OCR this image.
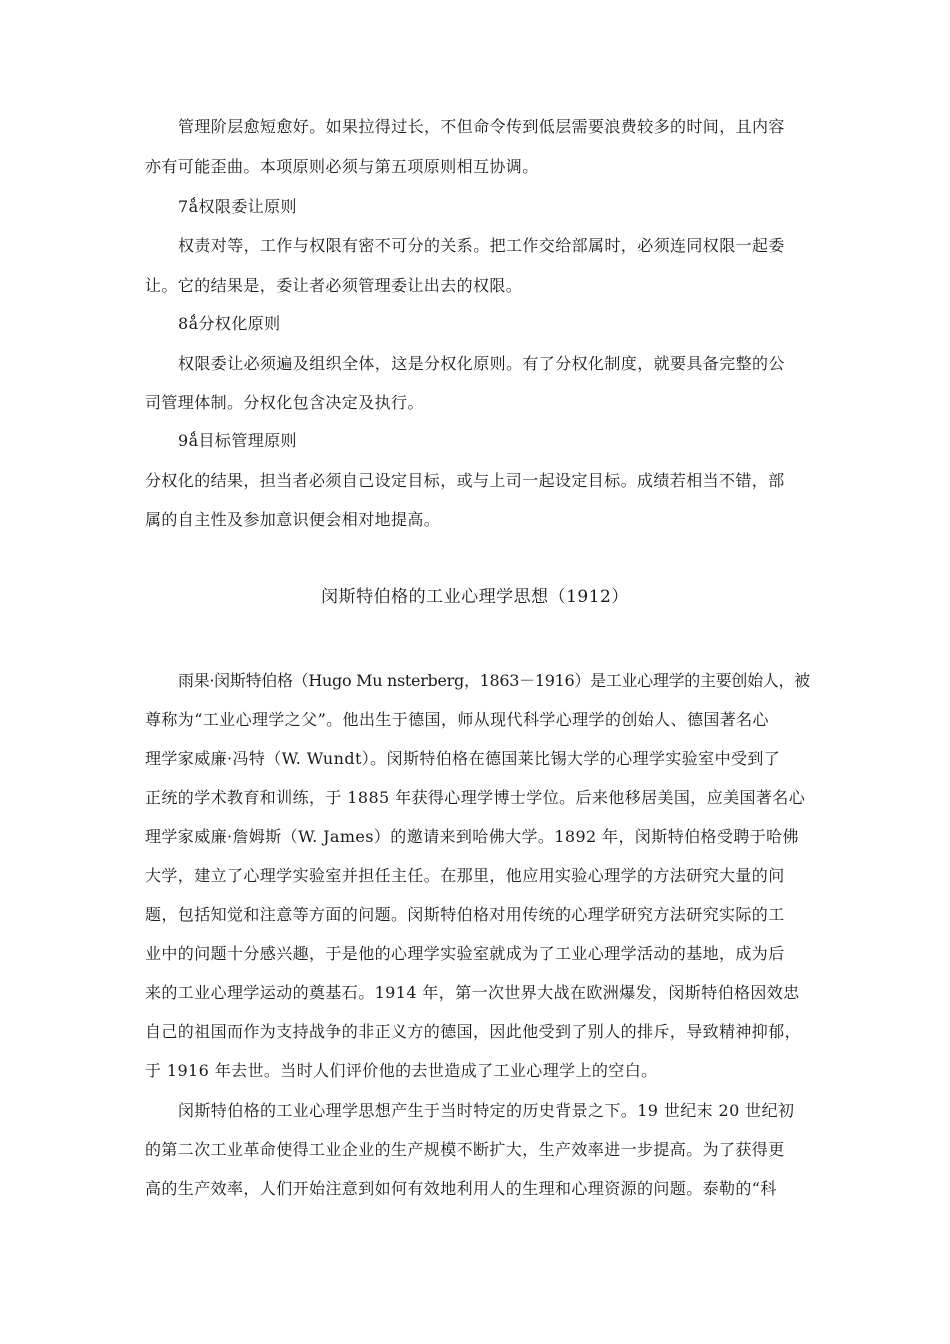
管理阶层愈短愈好。如果拉得过长，不但命令传到低层需要浪费较多的时间，且内容
亦有可能歪曲。本项原则必须与第五项原则相互协调。
7ǻ权限委让原则
权责对等，工作与权限有密不可分的关系。把工作交给部属时，必须连同权限一起委
让。它的结果是，委让者必须管理委让出去的权限。
8ǻ分权化原则
权限委让必须遍及组织全体，这是分权化原则。有了分权化制度，就要具备完整的公
司管理体制。分权化包含决定及执行。
9ǻ目标管理原则
分权化的结果，担当者必须自己设定目标，或与上司一起设定目标。成绩若相当不错，部
属的自主性及参加意识便会相对地提高。
闵斯特伯格的工业心理学思想（1912）
雨果·闵斯特伯格（Hugo Mu nsterberg，1863－1916）是工业心理学的主要创始人，被
尊称为“工业心理学之父”。他出生于德国，师从现代科学心理学的创始人、德国著名心
理学家威廉·冯特（W. Wundt）。闵斯特伯格在德国莱比锡大学的心理学实验室中受到了
正统的学术教育和训练，于 1885 年获得心理学博士学位。后来他移居美国，应美国著名心
理学家威廉·詹姆斯（W. James）的邀请来到哈佛大学。1892 年，闵斯特伯格受聘于哈佛
大学，建立了心理学实验室并担任主任。在那里，他应用实验心理学的方法研究大量的问
题，包括知觉和注意等方面的问题。闵斯特伯格对用传统的心理学研究方法研究实际的工
业中的问题十分感兴趣，于是他的心理学实验室就成为了工业心理学活动的基地，成为后
来的工业心理学运动的奠基石。1914 年，第一次世界大战在欧洲爆发，闵斯特伯格因效忠
自己的祖国而作为支持战争的非正义方的德国，因此他受到了别人的排斥，导致精神抑郁，
于 1916 年去世。当时人们评价他的去世造成了工业心理学上的空白。
闵斯特伯格的工业心理学思想产生于当时特定的历史背景之下。19 世纪末 20 世纪初
的第二次工业革命使得工业企业的生产规模不断扩大，生产效率进一步提高。为了获得更
高的生产效率，人们开始注意到如何有效地利用人的生理和心理资源的问题。泰勒的“科
